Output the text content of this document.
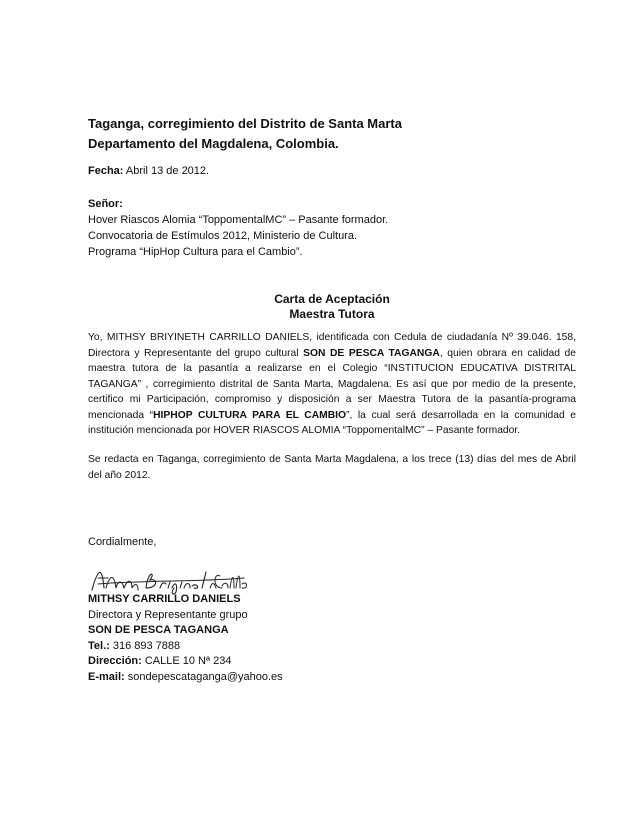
Taganga, corregimiento del Distrito de Santa Marta
Departamento del Magdalena, Colombia.
Fecha: Abril 13 de 2012.
Señor:
Hover Riascos Alomia “ToppomentalMC” – Pasante formador.
Convocatoria de Estímulos 2012, Ministerio de Cultura.
Programa “HipHop Cultura para el Cambio”.
Carta de Aceptación
Maestra Tutora
Yo, MITHSY BRIYINETH CARRILLO DANIELS, identificada con Cedula de ciudadanía Nº 39.046. 158, Directora y Representante del grupo cultural SON DE PESCA TAGANGA, quien obrara en calidad de maestra tutora de la pasantía a realizarse en el Colegio “INSTITUCION EDUCATIVA DISTRITAL TAGANGA” , corregimiento distrital de Santa Marta, Magdalena. Es así que por medio de la presente, certifico mi Participación, compromiso y disposición a ser Maestra Tutora de la pasantía-programa mencionada “HIPHOP CULTURA PARA EL CAMBIO”, la cual será desarrollada en la comunidad e institución mencionada por HOVER RIASCOS ALOMIA “ToppomentalMC” – Pasante formador.
Se redacta en Taganga, corregimiento de Santa Marta Magdalena, a los trece (13) días del mes de Abril del año 2012.
Cordialmente,
MITHSY CARRILLO DANIELS
Directora y Representante grupo
SON DE PESCA TAGANGA
Tel.: 316 893 7888
Dirección: CALLE 10 Nª 234
E-mail: sondepescataganga@yahoo.es
